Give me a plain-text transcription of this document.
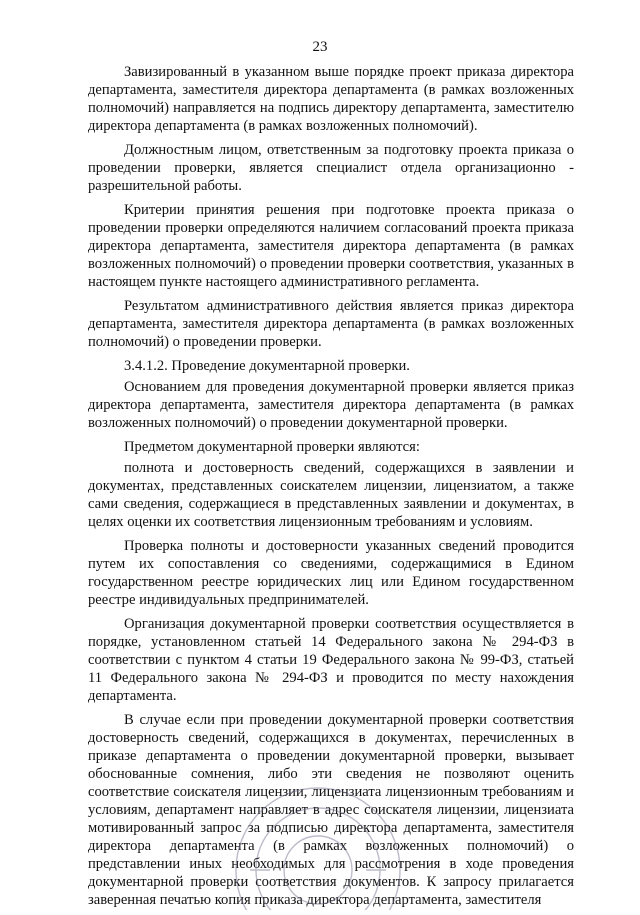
23

Завизированный в указанном выше порядке проект приказа директора департамента, заместителя директора департамента (в рамках возложенных полномочий) направляется на подпись директору департамента, заместителю директора департамента (в рамках возложенных полномочий).

Должностным лицом, ответственным за подготовку проекта приказа о проведении проверки, является специалист отдела организационно - разрешительной работы.

Критерии принятия решения при подготовке проекта приказа о проведении проверки определяются наличием согласований проекта приказа директора департамента, заместителя директора департамента (в рамках возложенных полномочий) о проведении проверки соответствия, указанных в настоящем пункте настоящего административного регламента.

Результатом административного действия является приказ директора департамента, заместителя директора департамента (в рамках возложенных полномочий) о проведении проверки.

3.4.1.2. Проведение документарной проверки.

Основанием для проведения документарной проверки является приказ директора департамента, заместителя директора департамента (в рамках возложенных полномочий) о проведении документарной проверки.

Предметом документарной проверки являются:

полнота и достоверность сведений, содержащихся в заявлении и документах, представленных соискателем лицензии, лицензиатом, а также сами сведения, содержащиеся в представленных заявлении и документах, в целях оценки их соответствия лицензионным требованиям и условиям.

Проверка полноты и достоверности указанных сведений проводится путем их сопоставления со сведениями, содержащимися в Едином государственном реестре юридических лиц или Едином государственном реестре индивидуальных предпринимателей.

Организация документарной проверки соответствия осуществляется в порядке, установленном статьей 14 Федерального закона № 294-ФЗ в соответствии с пунктом 4 статьи 19 Федерального закона № 99-ФЗ, статьей 11 Федерального закона № 294-ФЗ и проводится по месту нахождения департамента.

В случае если при проведении документарной проверки соответствия достоверность сведений, содержащихся в документах, перечисленных в приказе департамента о проведении документарной проверки, вызывает обоснованные сомнения, либо эти сведения не позволяют оценить соответствие соискателя лицензии, лицензиата лицензионным требованиям и условиям, департамент направляет в адрес соискателя лицензии, лицензиата мотивированный запрос за подписью директора департамента, заместителя директора департамента (в рамках возложенных полномочий) о представлении иных необходимых для рассмотрения в ходе проведения документарной проверки соответствия документов. К запросу прилагается заверенная печатью копия приказа директора департамента, заместителя
